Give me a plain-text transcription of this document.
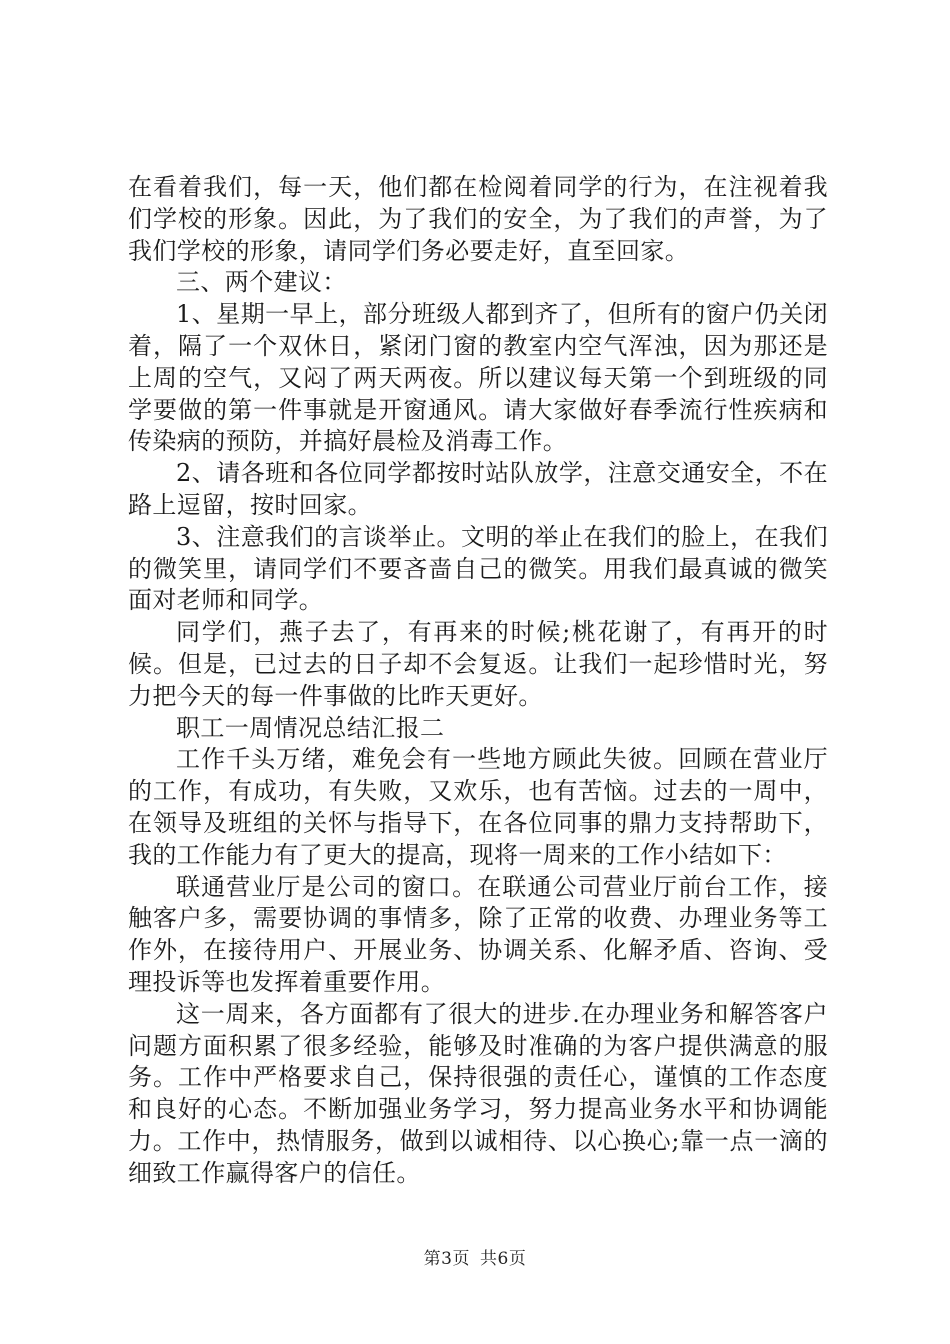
在看着我们，每一天，他们都在检阅着同学的行为，在注视着我们学校的形象。因此，为了我们的安全，为了我们的声誉，为了我们学校的形象，请同学们务必要走好，直至回家。

三、两个建议：

1、星期一早上，部分班级人都到齐了，但所有的窗户仍关闭着，隔了一个双休日，紧闭门窗的教室内空气浑浊，因为那还是上周的空气，又闷了两天两夜。所以建议每天第一个到班级的同学要做的第一件事就是开窗通风。请大家做好春季流行性疾病和传染病的预防，并搞好晨检及消毒工作。

2、请各班和各位同学都按时站队放学，注意交通安全，不在路上逗留，按时回家。

3、注意我们的言谈举止。文明的举止在我们的脸上，在我们的微笑里，请同学们不要吝啬自己的微笑。用我们最真诚的微笑面对老师和同学。

同学们，燕子去了，有再来的时候;桃花谢了，有再开的时候。但是，已过去的日子却不会复返。让我们一起珍惜时光，努力把今天的每一件事做的比昨天更好。

职工一周情况总结汇报二

工作千头万绪，难免会有一些地方顾此失彼。回顾在营业厅的工作，有成功，有失败，又欢乐，也有苦恼。过去的一周中，在领导及班组的关怀与指导下，在各位同事的鼎力支持帮助下，我的工作能力有了更大的提高，现将一周来的工作小结如下：

联通营业厅是公司的窗口。在联通公司营业厅前台工作，接触客户多，需要协调的事情多，除了正常的收费、办理业务等工作外，在接待用户、开展业务、协调关系、化解矛盾、咨询、受理投诉等也发挥着重要作用。

这一周来，各方面都有了很大的进步.在办理业务和解答客户问题方面积累了很多经验，能够及时准确的为客户提供满意的服务。工作中严格要求自己，保持很强的责任心，谨慎的工作态度和良好的心态。不断加强业务学习，努力提高业务水平和协调能力。工作中，热情服务，做到以诚相待、以心换心;靠一点一滴的细致工作赢得客户的信任。

第3页 共6页
